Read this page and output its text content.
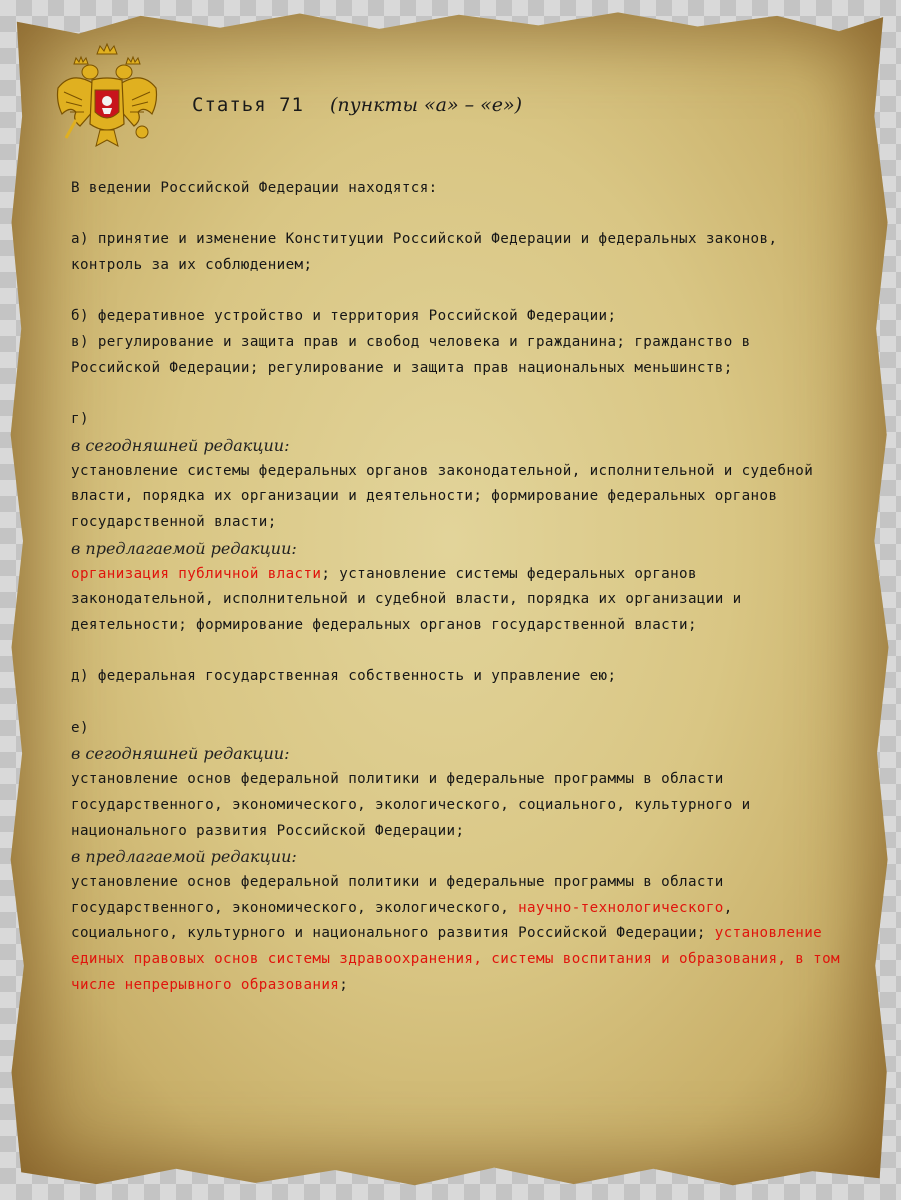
Статья 71 (пункты «а» – «е»)

В ведении Российской Федерации находятся:

а) принятие и изменение Конституции Российской Федерации и федеральных законов, контроль за их соблюдением;

б) федеративное устройство и территория Российской Федерации;

в) регулирование и защита прав и свобод человека и гражданина; гражданство в Российской Федерации; регулирование и защита прав национальных меньшинств;

г)

в сегодняшней редакции:

установление системы федеральных органов законодательной, исполнительной и судебной власти, порядка их организации и деятельности; формирование федеральных органов государственной власти;

в предлагаемой редакции:

организация публичной власти; установление системы федеральных органов законодательной, исполнительной и судебной власти, порядка их организации и деятельности; формирование федеральных органов государственной власти;

д) федеральная государственная собственность и управление ею;

е)

в сегодняшней редакции:

установление основ федеральной политики и федеральные программы в области государственного, экономического, экологического, социального, культурного и национального развития Российской Федерации;

в предлагаемой редакции:

установление основ федеральной политики и федеральные программы в области государственного, экономического, экологического, научно-технологического, социального, культурного и национального развития Российской Федерации; установление единых правовых основ системы здравоохранения, системы воспитания и образования, в том числе непрерывного образования;
